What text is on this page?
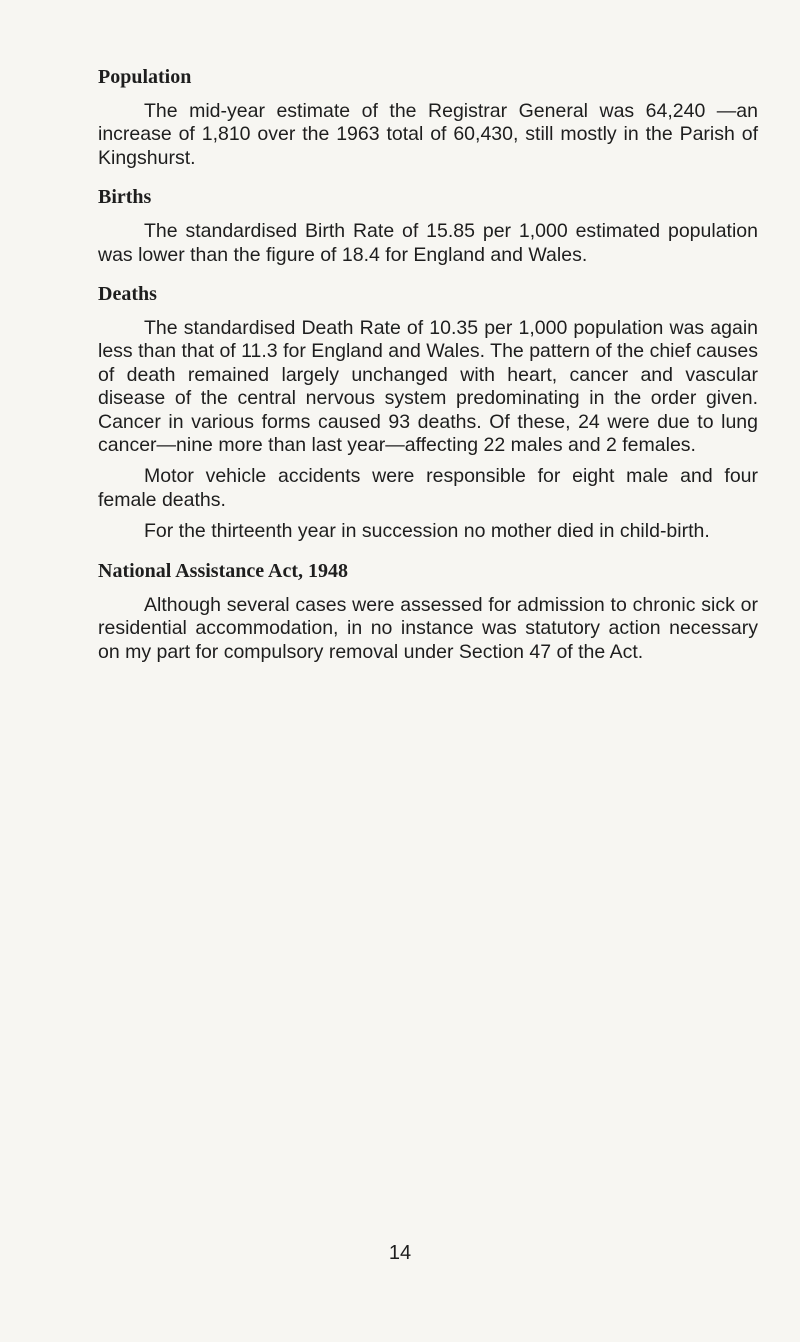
Population

The mid-year estimate of the Registrar General was 64,240 —an increase of 1,810 over the 1963 total of 60,430, still mostly in the Parish of Kingshurst.

Births

The standardised Birth Rate of 15.85 per 1,000 estimated population was lower than the figure of 18.4 for England and Wales.

Deaths

The standardised Death Rate of 10.35 per 1,000 population was again less than that of 11.3 for England and Wales. The pattern of the chief causes of death remained largely unchanged with heart, cancer and vascular disease of the central nervous system predominating in the order given. Cancer in various forms caused 93 deaths. Of these, 24 were due to lung cancer—nine more than last year—affecting 22 males and 2 females.

Motor vehicle accidents were responsible for eight male and four female deaths.

For the thirteenth year in succession no mother died in child-birth.

National Assistance Act, 1948

Although several cases were assessed for admission to chronic sick or residential accommodation, in no instance was statutory action necessary on my part for compulsory removal under Section 47 of the Act.

14
